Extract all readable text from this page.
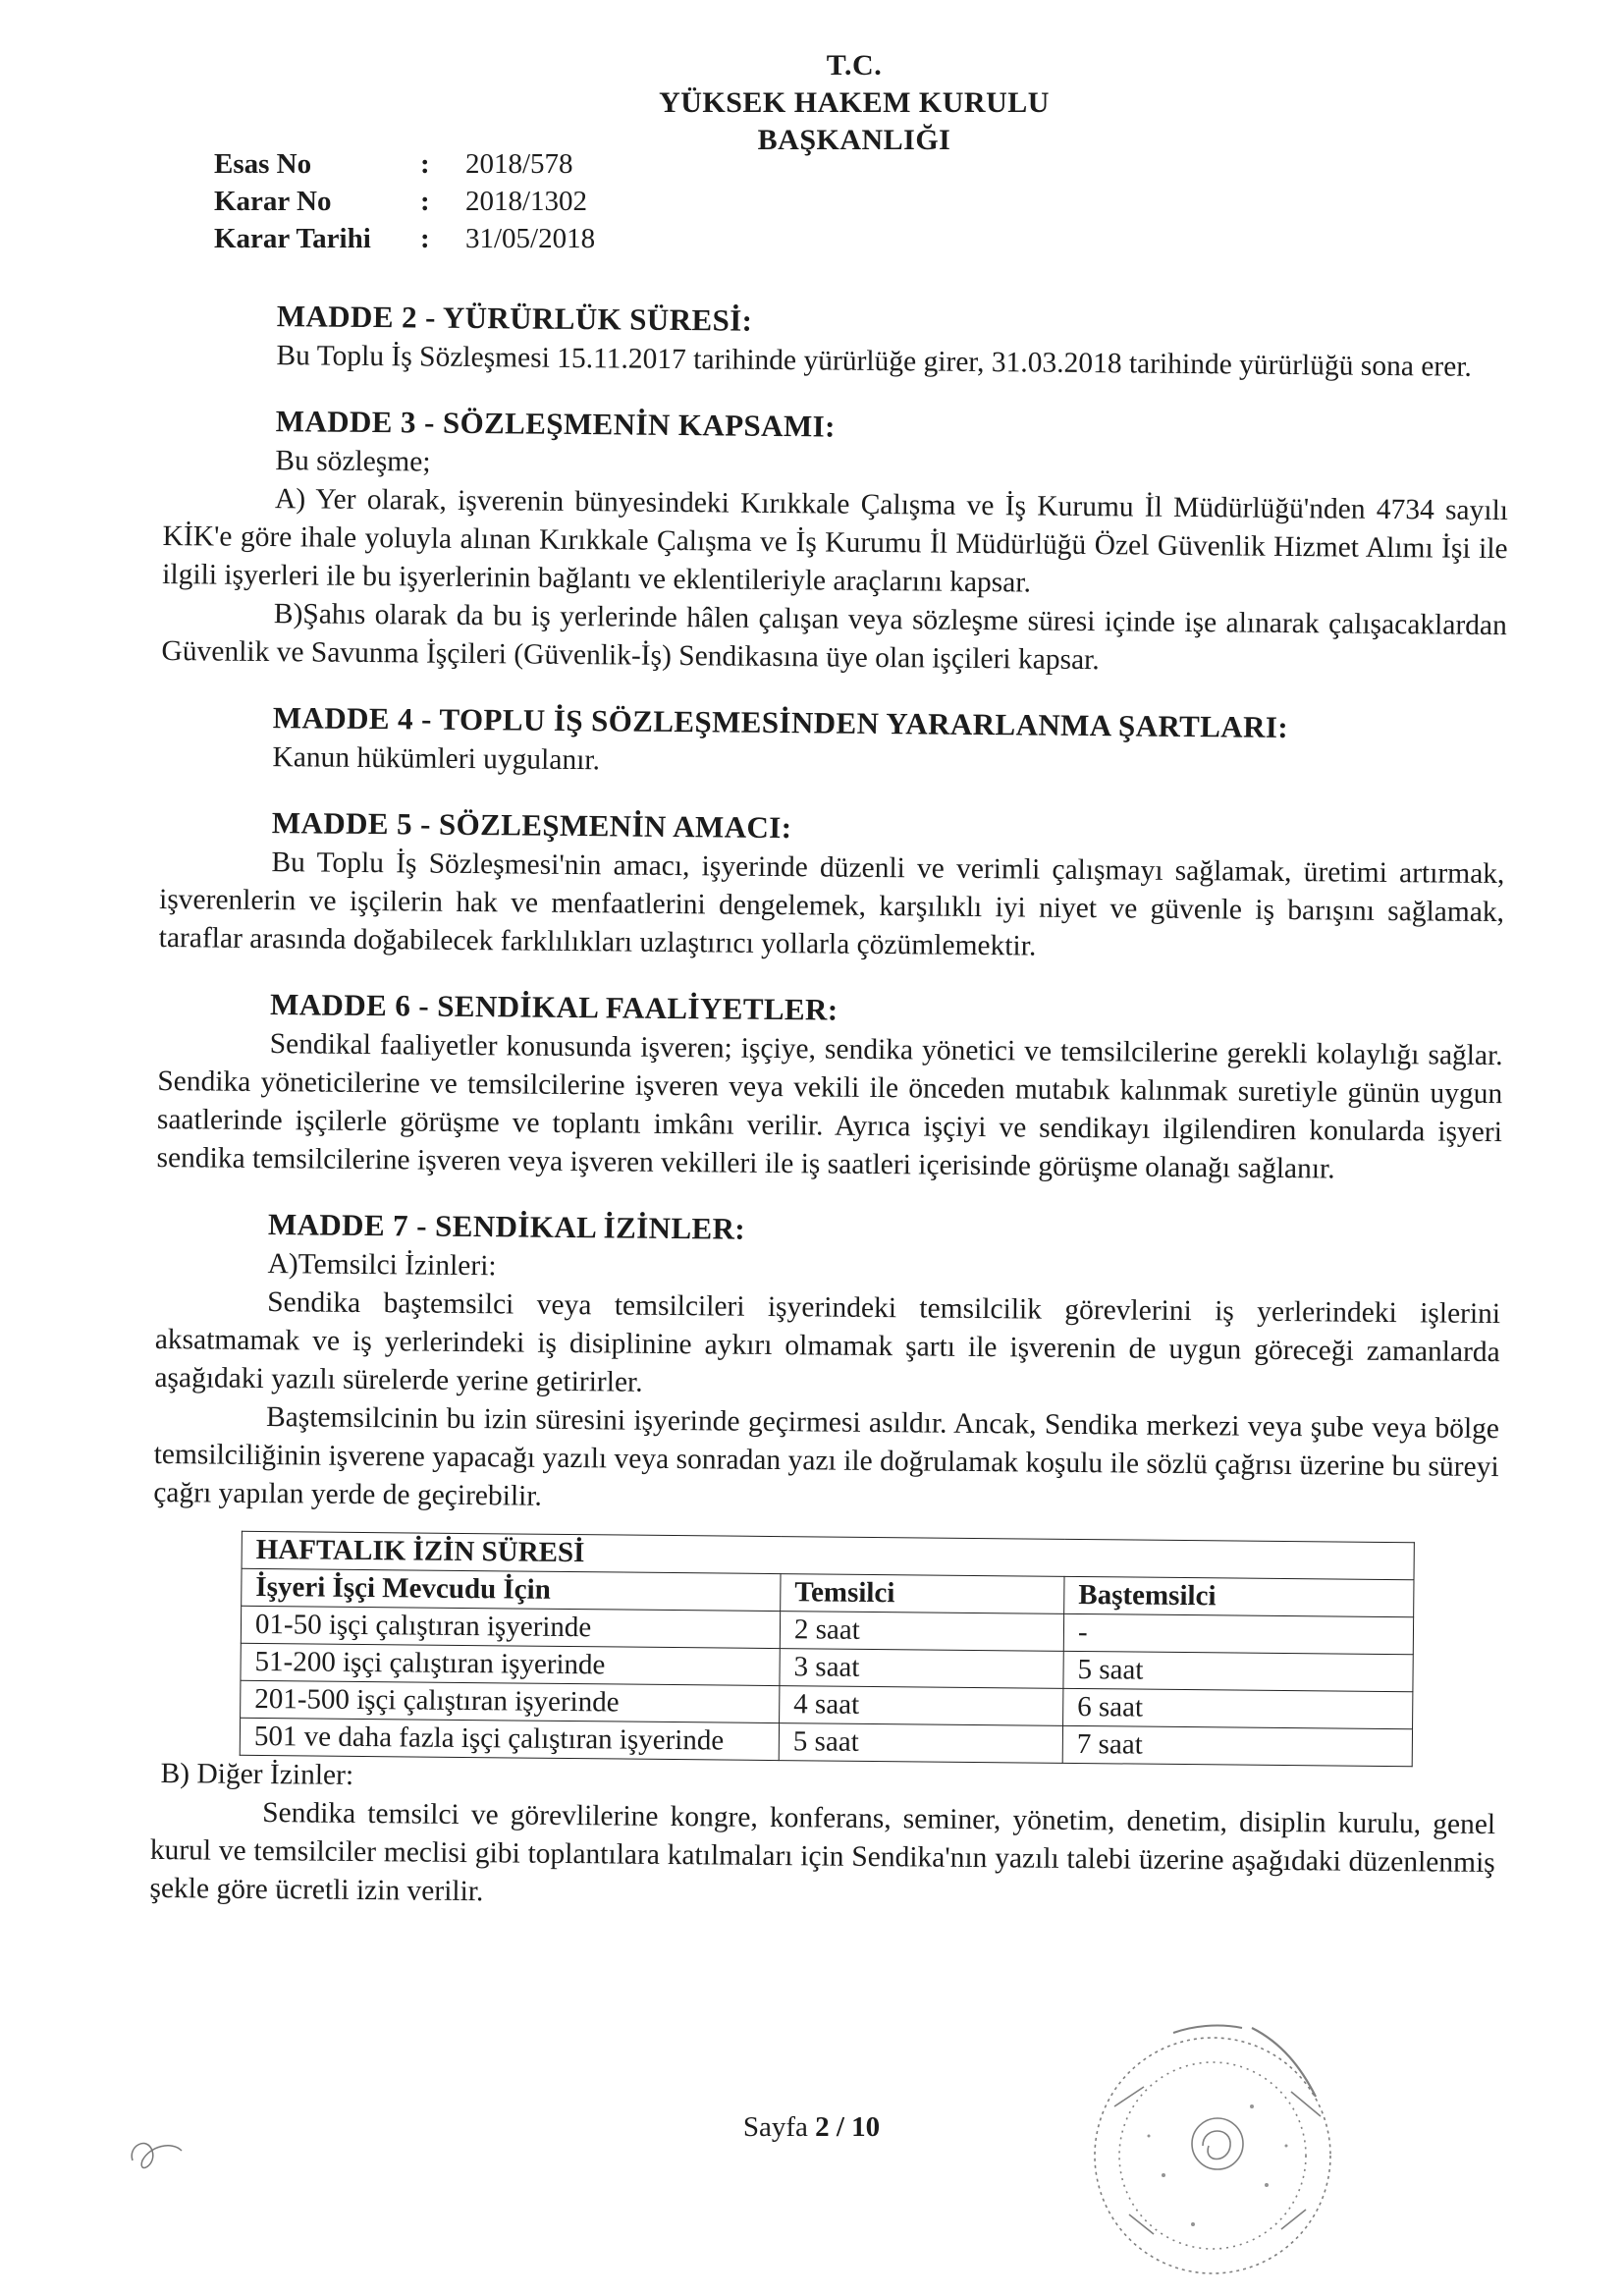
T.C.
YÜKSEK HAKEM KURULU
BAŞKANLIĞI
Esas No	:	2018/578
Karar No	:	2018/1302
Karar Tarihi	:	31/05/2018
MADDE 2 - YÜRÜRLÜK SÜRESİ:

Bu Toplu İş Sözleşmesi 15.11.2017 tarihinde yürürlüğe girer, 31.03.2018 tarihinde yürürlüğü sona erer.

MADDE 3 - SÖZLEŞMENİN KAPSAMI:

Bu sözleşme;

A) Yer olarak, işverenin bünyesindeki Kırıkkale Çalışma ve İş Kurumu İl Müdürlüğü'nden 4734 sayılı KİK'e göre ihale yoluyla alınan Kırıkkale Çalışma ve İş Kurumu İl Müdürlüğü Özel Güvenlik Hizmet Alımı İşi ile ilgili işyerleri ile bu işyerlerinin bağlantı ve eklentileriyle araçlarını kapsar.

B)Şahıs olarak da bu iş yerlerinde hâlen çalışan veya sözleşme süresi içinde işe alınarak çalışacaklardan Güvenlik ve Savunma İşçileri (Güvenlik-İş) Sendikasına üye olan işçileri kapsar.

MADDE 4 - TOPLU İŞ SÖZLEŞMESİNDEN YARARLANMA ŞARTLARI:

Kanun hükümleri uygulanır.

MADDE 5 - SÖZLEŞMENİN AMACI:

Bu Toplu İş Sözleşmesi'nin amacı, işyerinde düzenli ve verimli çalışmayı sağlamak, üretimi artırmak, işverenlerin ve işçilerin hak ve menfaatlerini dengelemek, karşılıklı iyi niyet ve güvenle iş barışını sağlamak, taraflar arasında doğabilecek farklılıkları uzlaştırıcı yollarla çözümlemektir.

MADDE 6 - SENDİKAL FAALİYETLER:

Sendikal faaliyetler konusunda işveren; işçiye, sendika yönetici ve temsilcilerine gerekli kolaylığı sağlar. Sendika yöneticilerine ve temsilcilerine işveren veya vekili ile önceden mutabık kalınmak suretiyle günün uygun saatlerinde işçilerle görüşme ve toplantı imkânı verilir. Ayrıca işçiyi ve sendikayı ilgilendiren konularda işyeri sendika temsilcilerine işveren veya işveren vekilleri ile iş saatleri içerisinde görüşme olanağı sağlanır.

MADDE 7 - SENDİKAL İZİNLER:

A)Temsilci İzinleri:

Sendika baştemsilci veya temsilcileri işyerindeki temsilcilik görevlerini iş yerlerindeki işlerini aksatmamak ve iş yerlerindeki iş disiplinine aykırı olmamak şartı ile işverenin de uygun göreceği zamanlarda aşağıdaki yazılı sürelerde yerine getirirler.

Baştemsilcinin bu izin süresini işyerinde geçirmesi asıldır. Ancak, Sendika merkezi veya şube veya bölge temsilciliğinin işverene yapacağı yazılı veya sonradan yazı ile doğrulamak koşulu ile sözlü çağrısı üzerine bu süreyi çağrı yapılan yerde de geçirebilir.

HAFTALIK İZİN SÜRESİ		
İşyeri İşçi Mevcudu İçin	Temsilci	Baştemsilci
01-50 işçi çalıştıran işyerinde	2 saat	-
51-200 işçi çalıştıran işyerinde	3 saat	5 saat
201-500 işçi çalıştıran işyerinde	4 saat	6 saat
501 ve daha fazla işçi çalıştıran işyerinde	5 saat	7 saat

B) Diğer İzinler:

Sendika temsilci ve görevlilerine kongre, konferans, seminer, yönetim, denetim, disiplin kurulu, genel kurul ve temsilciler meclisi gibi toplantılara katılmaları için Sendika'nın yazılı talebi üzerine aşağıdaki düzenlenmiş şekle göre ücretli izin verilir.

Sayfa 2 / 10
